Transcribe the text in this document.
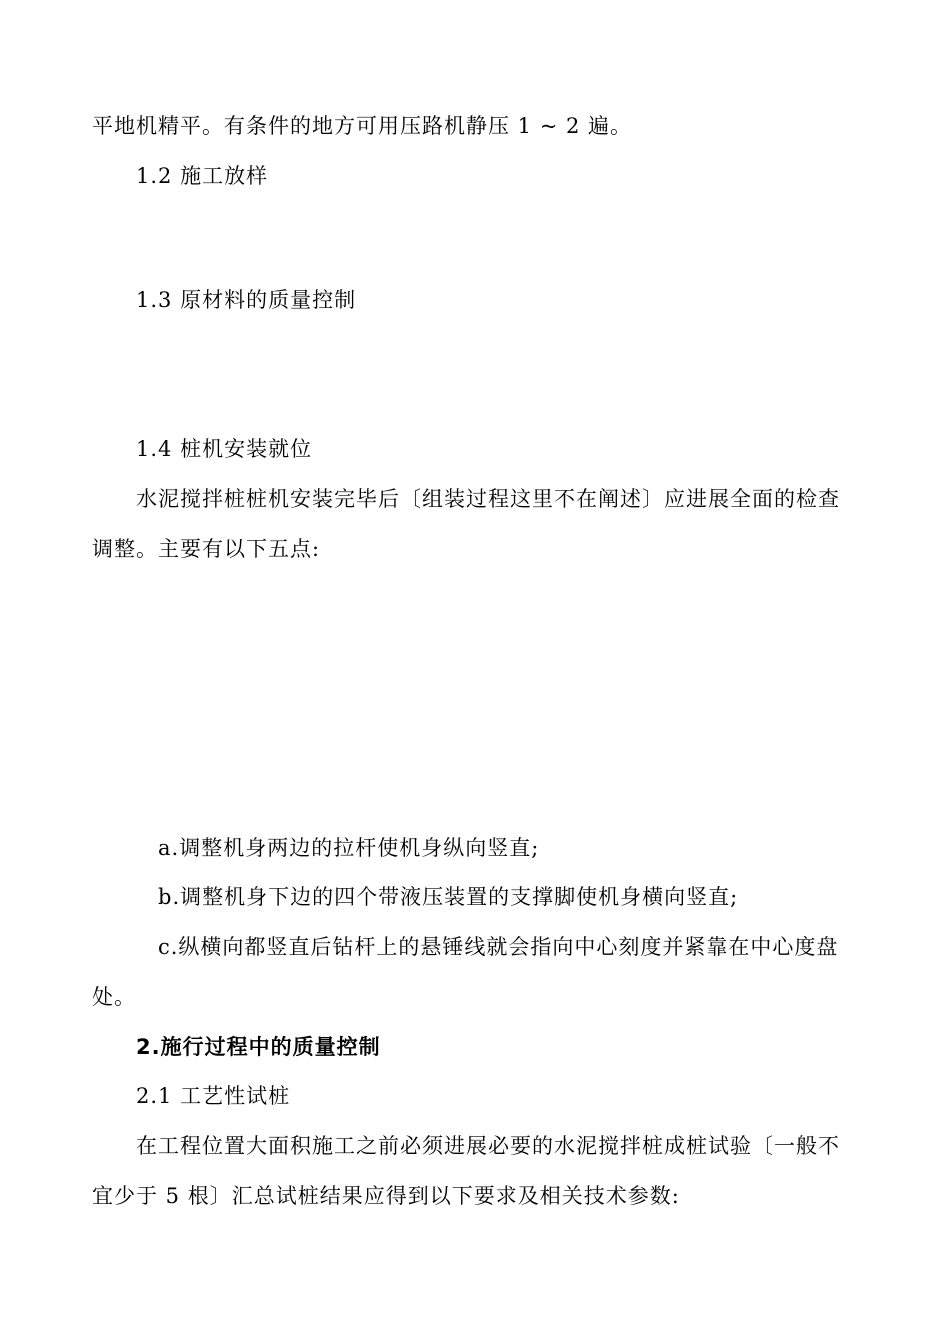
平地机精平。有条件的地方可用压路机静压 1 ~ 2 遍。
1.2 施工放样
1.3 原材料的质量控制
1.4 桩机安装就位
水泥搅拌桩桩机安装完毕后〔组装过程这里不在阐述〕应进展全面的检查
调整。主要有以下五点:
a.调整机身两边的拉杆使机身纵向竖直;
b.调整机身下边的四个带液压装置的支撑脚使机身横向竖直;
c.纵横向都竖直后钻杆上的悬锤线就会指向中心刻度并紧靠在中心度盘
处。
2.施行过程中的质量控制
2.1 工艺性试桩
在工程位置大面积施工之前必须进展必要的水泥搅拌桩成桩试验〔一般不
宜少于 5 根〕汇总试桩结果应得到以下要求及相关技术参数:
